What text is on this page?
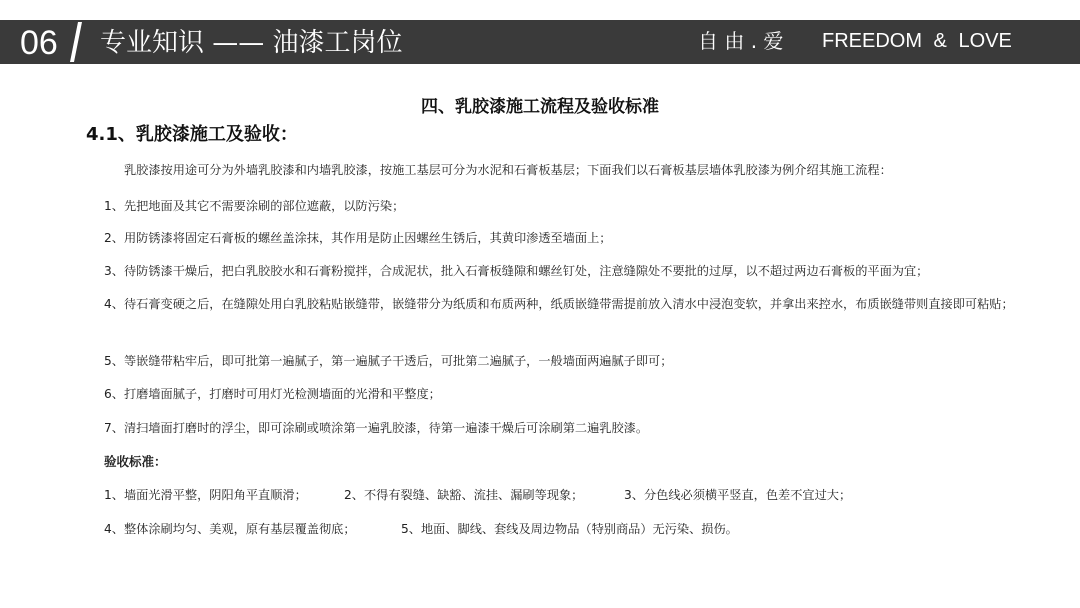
06 专业知识 —— 油漆工岗位	自 由 . 爱 FREEDOM & LOVE
四、乳胶漆施工流程及验收标准
4.1、乳胶漆施工及验收：
乳胶漆按用途可分为外墙乳胶漆和内墙乳胶漆，按施工基层可分为水泥和石膏板基层；下面我们以石膏板基层墙体乳胶漆为例介绍其施工流程：
1、先把地面及其它不需要涂刷的部位遮蔽，以防污染；
2、用防锈漆将固定石膏板的螺丝盖涂抹，其作用是防止因螺丝生锈后，其黄印渗透至墙面上；
3、待防锈漆干燥后，把白乳胶胶水和石膏粉搅拌，合成泥状，批入石膏板缝隙和螺丝钉处，注意缝隙处不要批的过厚，以不超过两边石膏板的平面为宜；
4、待石膏变硬之后，在缝隙处用白乳胶粘贴嵌缝带，嵌缝带分为纸质和布质两种，纸质嵌缝带需提前放入清水中浸泡变软，并拿出来控水，布质嵌缝带则直接即可粘贴；
5、等嵌缝带粘牢后，即可批第一遍腻子，第一遍腻子干透后，可批第二遍腻子，一般墙面两遍腻子即可；
6、打磨墙面腻子，打磨时可用灯光检测墙面的光滑和平整度；
7、清扫墙面打磨时的浮尘，即可涂刷或喷涂第一遍乳胶漆，待第一遍漆干燥后可涂刷第二遍乳胶漆。
验收标准：
1、墙面光滑平整，阴阳角平直顺滑；	2、不得有裂缝、缺豁、流挂、漏刷等现象；	3、分色线必须横平竖直，色差不宜过大；
4、整体涂刷均匀、美观，原有基层覆盖彻底；	5、地面、脚线、套线及周边物品（特别商品）无污染、损伤。
